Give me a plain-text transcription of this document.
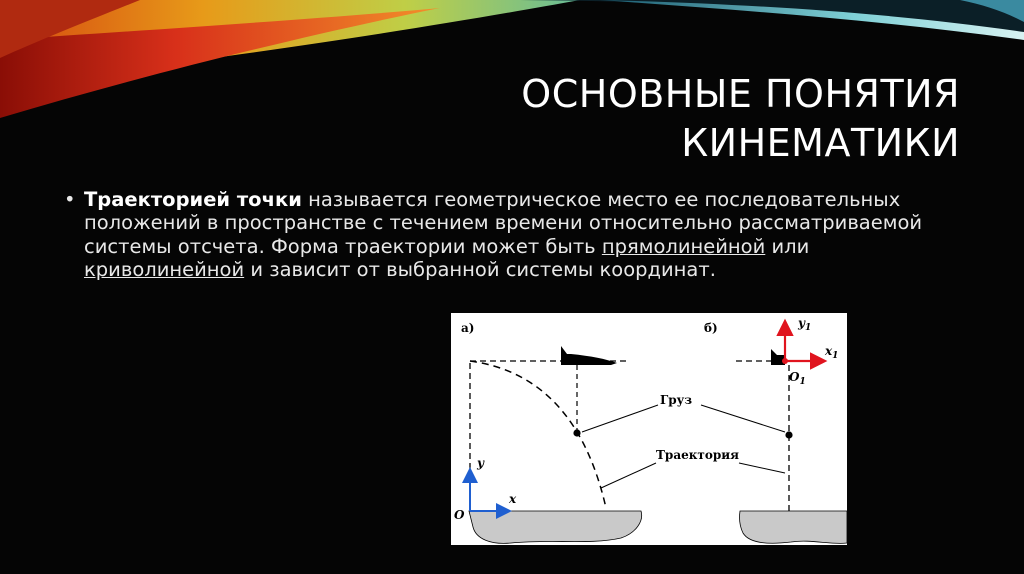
ОСНОВНЫЕ ПОНЯТИЯ
КИНЕМАТИКИ
• Траекторией точки называется геометрическое место ее последовательных положений в пространстве с течением времени относительно рассматриваемой системы отсчета. Форма траектории может быть прямолинейной или криволинейной и зависит от выбранной системы координат.
а)	б)
y
x
O
Груз
Траектория
$y_1$
$x_1$
$O_1$
